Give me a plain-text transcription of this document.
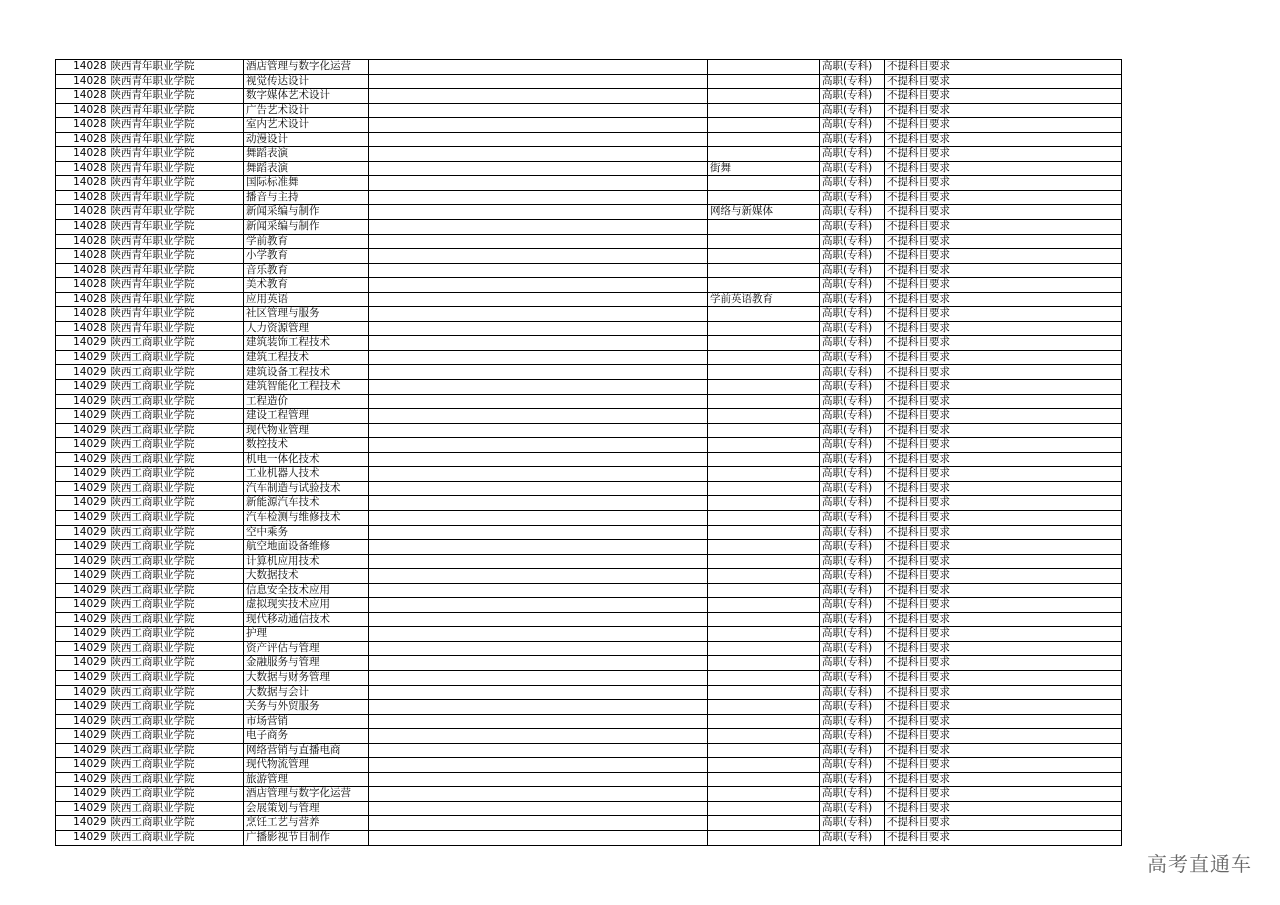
14028	陕西青年职业学院	酒店管理与数字化运营			高职(专科)	不提科目要求
14028	陕西青年职业学院	视觉传达设计			高职(专科)	不提科目要求
14028	陕西青年职业学院	数字媒体艺术设计			高职(专科)	不提科目要求
14028	陕西青年职业学院	广告艺术设计			高职(专科)	不提科目要求
14028	陕西青年职业学院	室内艺术设计			高职(专科)	不提科目要求
14028	陕西青年职业学院	动漫设计			高职(专科)	不提科目要求
14028	陕西青年职业学院	舞蹈表演			高职(专科)	不提科目要求
14028	陕西青年职业学院	舞蹈表演		街舞	高职(专科)	不提科目要求
14028	陕西青年职业学院	国际标准舞			高职(专科)	不提科目要求
14028	陕西青年职业学院	播音与主持			高职(专科)	不提科目要求
14028	陕西青年职业学院	新闻采编与制作		网络与新媒体	高职(专科)	不提科目要求
14028	陕西青年职业学院	新闻采编与制作			高职(专科)	不提科目要求
14028	陕西青年职业学院	学前教育			高职(专科)	不提科目要求
14028	陕西青年职业学院	小学教育			高职(专科)	不提科目要求
14028	陕西青年职业学院	音乐教育			高职(专科)	不提科目要求
14028	陕西青年职业学院	美术教育			高职(专科)	不提科目要求
14028	陕西青年职业学院	应用英语		学前英语教育	高职(专科)	不提科目要求
14028	陕西青年职业学院	社区管理与服务			高职(专科)	不提科目要求
14028	陕西青年职业学院	人力资源管理			高职(专科)	不提科目要求
14029	陕西工商职业学院	建筑装饰工程技术			高职(专科)	不提科目要求
14029	陕西工商职业学院	建筑工程技术			高职(专科)	不提科目要求
14029	陕西工商职业学院	建筑设备工程技术			高职(专科)	不提科目要求
14029	陕西工商职业学院	建筑智能化工程技术			高职(专科)	不提科目要求
14029	陕西工商职业学院	工程造价			高职(专科)	不提科目要求
14029	陕西工商职业学院	建设工程管理			高职(专科)	不提科目要求
14029	陕西工商职业学院	现代物业管理			高职(专科)	不提科目要求
14029	陕西工商职业学院	数控技术			高职(专科)	不提科目要求
14029	陕西工商职业学院	机电一体化技术			高职(专科)	不提科目要求
14029	陕西工商职业学院	工业机器人技术			高职(专科)	不提科目要求
14029	陕西工商职业学院	汽车制造与试验技术			高职(专科)	不提科目要求
14029	陕西工商职业学院	新能源汽车技术			高职(专科)	不提科目要求
14029	陕西工商职业学院	汽车检测与维修技术			高职(专科)	不提科目要求
14029	陕西工商职业学院	空中乘务			高职(专科)	不提科目要求
14029	陕西工商职业学院	航空地面设备维修			高职(专科)	不提科目要求
14029	陕西工商职业学院	计算机应用技术			高职(专科)	不提科目要求
14029	陕西工商职业学院	大数据技术			高职(专科)	不提科目要求
14029	陕西工商职业学院	信息安全技术应用			高职(专科)	不提科目要求
14029	陕西工商职业学院	虚拟现实技术应用			高职(专科)	不提科目要求
14029	陕西工商职业学院	现代移动通信技术			高职(专科)	不提科目要求
14029	陕西工商职业学院	护理			高职(专科)	不提科目要求
14029	陕西工商职业学院	资产评估与管理			高职(专科)	不提科目要求
14029	陕西工商职业学院	金融服务与管理			高职(专科)	不提科目要求
14029	陕西工商职业学院	大数据与财务管理			高职(专科)	不提科目要求
14029	陕西工商职业学院	大数据与会计			高职(专科)	不提科目要求
14029	陕西工商职业学院	关务与外贸服务			高职(专科)	不提科目要求
14029	陕西工商职业学院	市场营销			高职(专科)	不提科目要求
14029	陕西工商职业学院	电子商务			高职(专科)	不提科目要求
14029	陕西工商职业学院	网络营销与直播电商			高职(专科)	不提科目要求
14029	陕西工商职业学院	现代物流管理			高职(专科)	不提科目要求
14029	陕西工商职业学院	旅游管理			高职(专科)	不提科目要求
14029	陕西工商职业学院	酒店管理与数字化运营			高职(专科)	不提科目要求
14029	陕西工商职业学院	会展策划与管理			高职(专科)	不提科目要求
14029	陕西工商职业学院	烹饪工艺与营养			高职(专科)	不提科目要求
14029	陕西工商职业学院	广播影视节目制作			高职(专科)	不提科目要求
高考直通车
